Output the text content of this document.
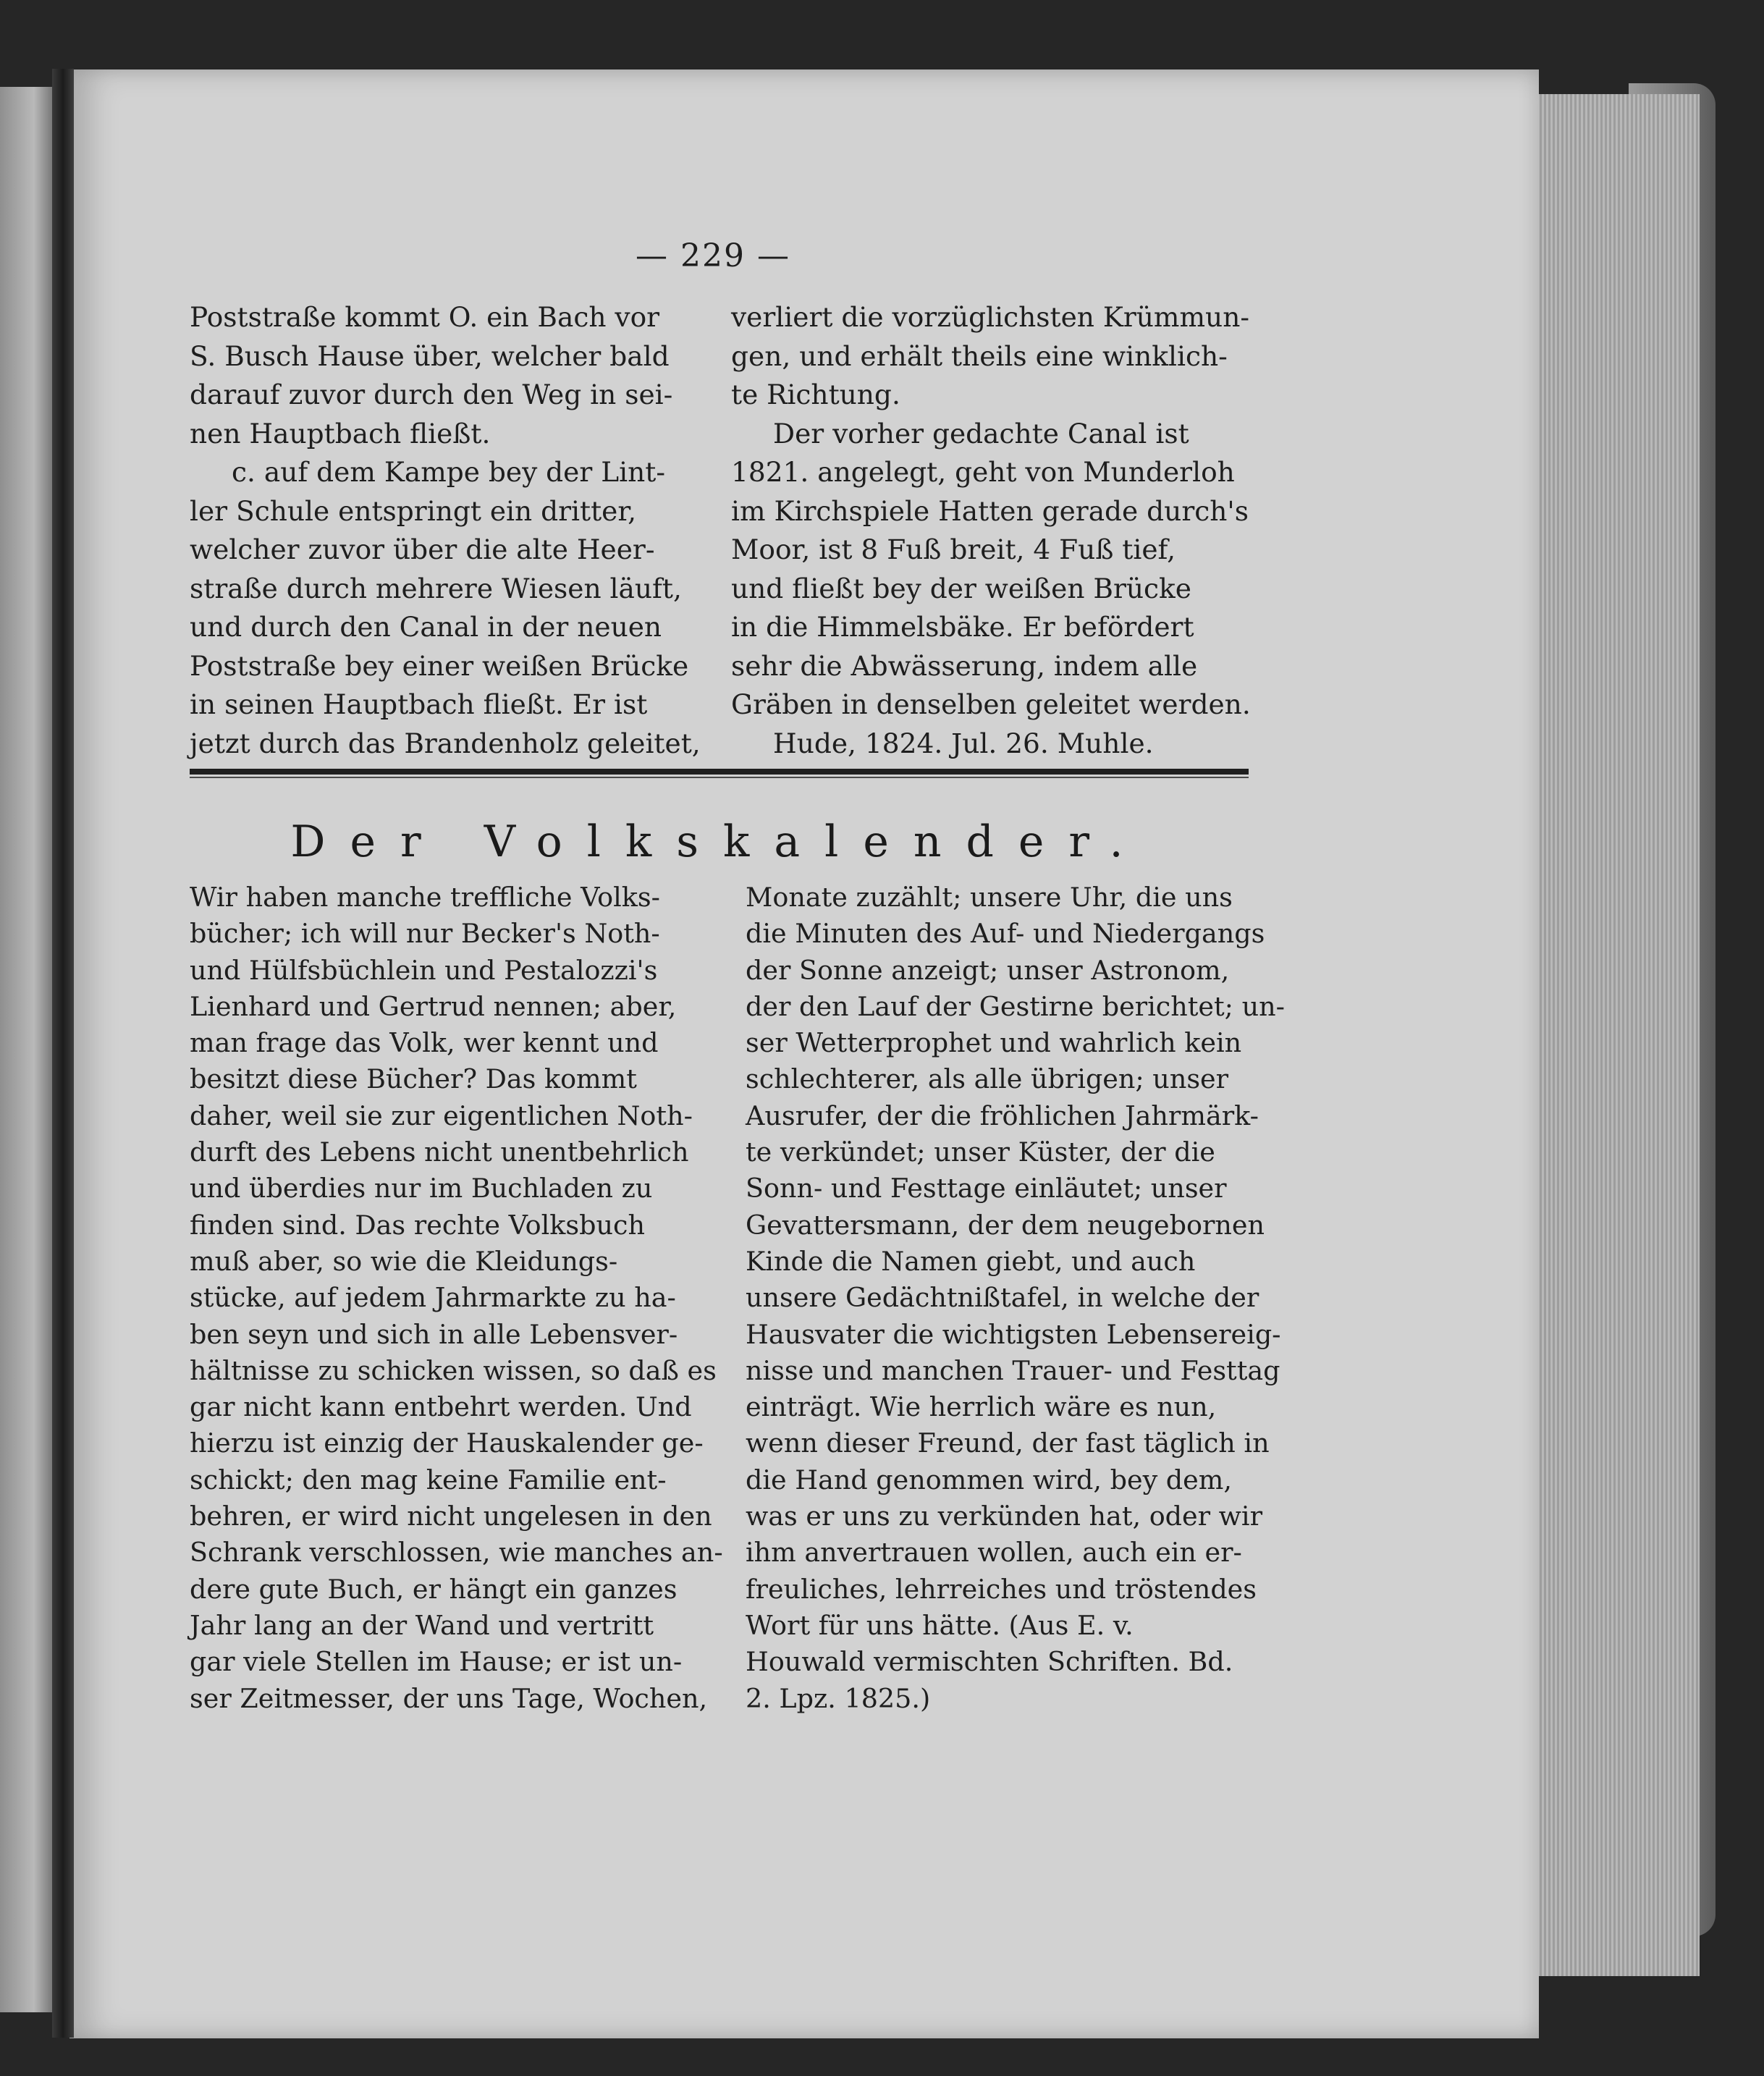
— 229 —
Poststraße kommt O. ein Bach vor
S. Busch Hause über, welcher bald
darauf zuvor durch den Weg in sei-
nen Hauptbach fließt.
c. auf dem Kampe bey der Lint-
ler Schule entspringt ein dritter,
welcher zuvor über die alte Heer-
straße durch mehrere Wiesen läuft,
und durch den Canal in der neuen
Poststraße bey einer weißen Brücke
in seinen Hauptbach fließt. Er ist
jetzt durch das Brandenholz geleitet,
verliert die vorzüglichsten Krümmun-
gen, und erhält theils eine winklich-
te Richtung.
Der vorher gedachte Canal ist
1821. angelegt, geht von Munderloh
im Kirchspiele Hatten gerade durch's
Moor, ist 8 Fuß breit, 4 Fuß tief,
und fließt bey der weißen Brücke
in die Himmelsbäke. Er befördert
sehr die Abwässerung, indem alle
Gräben in denselben geleitet werden.
Hude, 1824. Jul. 26. Muhle.
Der Volkskalender.
Wir haben manche treffliche Volks-
bücher; ich will nur Becker's Noth-
und Hülfsbüchlein und Pestalozzi's
Lienhard und Gertrud nennen; aber,
man frage das Volk, wer kennt und
besitzt diese Bücher? Das kommt
daher, weil sie zur eigentlichen Noth-
durft des Lebens nicht unentbehrlich
und überdies nur im Buchladen zu
finden sind. Das rechte Volksbuch
muß aber, so wie die Kleidungs-
stücke, auf jedem Jahrmarkte zu ha-
ben seyn und sich in alle Lebensver-
hältnisse zu schicken wissen, so daß es
gar nicht kann entbehrt werden. Und
hierzu ist einzig der Hauskalender ge-
schickt; den mag keine Familie ent-
behren, er wird nicht ungelesen in den
Schrank verschlossen, wie manches an-
dere gute Buch, er hängt ein ganzes
Jahr lang an der Wand und vertritt
gar viele Stellen im Hause; er ist un-
ser Zeitmesser, der uns Tage, Wochen,
Monate zuzählt; unsere Uhr, die uns
die Minuten des Auf- und Niedergangs
der Sonne anzeigt; unser Astronom,
der den Lauf der Gestirne berichtet; un-
ser Wetterprophet und wahrlich kein
schlechterer, als alle übrigen; unser
Ausrufer, der die fröhlichen Jahrmärk-
te verkündet; unser Küster, der die
Sonn- und Festtage einläutet; unser
Gevattersmann, der dem neugebornen
Kinde die Namen giebt, und auch
unsere Gedächtnißtafel, in welche der
Hausvater die wichtigsten Lebensereig-
nisse und manchen Trauer- und Festtag
einträgt. Wie herrlich wäre es nun,
wenn dieser Freund, der fast täglich in
die Hand genommen wird, bey dem,
was er uns zu verkünden hat, oder wir
ihm anvertrauen wollen, auch ein er-
freuliches, lehrreiches und tröstendes
Wort für uns hätte. (Aus E. v.
Houwald vermischten Schriften. Bd.
2. Lpz. 1825.)
